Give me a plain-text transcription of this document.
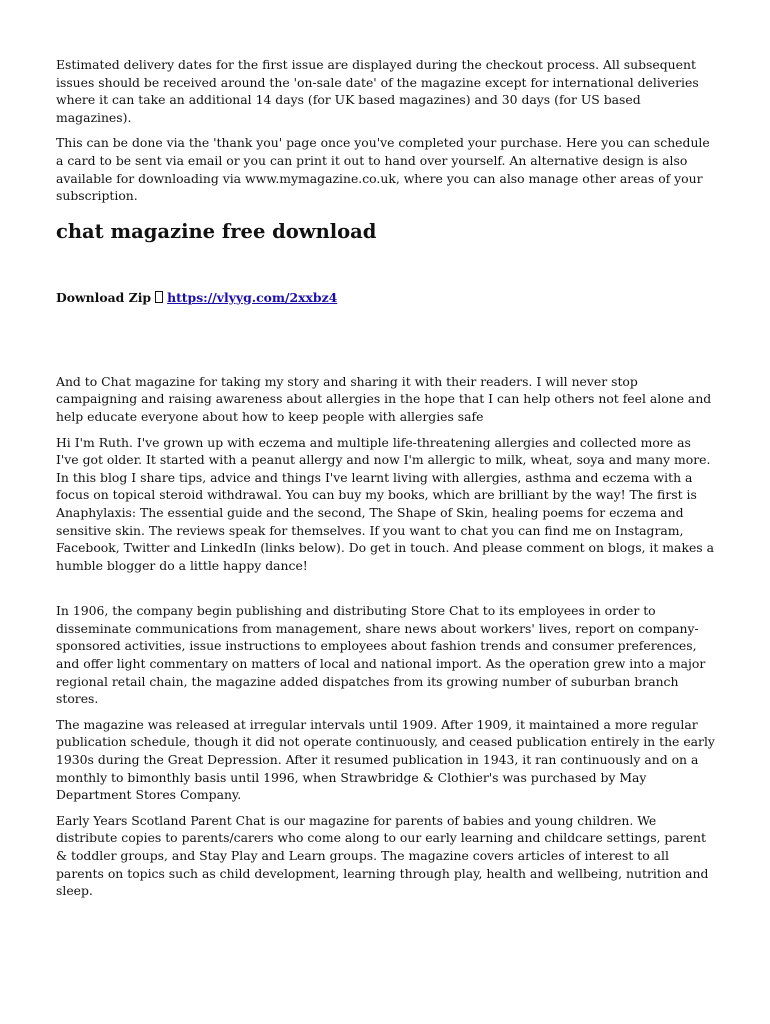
Estimated delivery dates for the first issue are displayed during the checkout process. All subsequent issues should be received around the 'on-sale date' of the magazine except for international deliveries where it can take an additional 14 days (for UK based magazines) and 30 days (for US based magazines).

This can be done via the 'thank you' page once you've completed your purchase. Here you can schedule a card to be sent via email or you can print it out to hand over yourself. An alternative design is also available for downloading via www.mymagazine.co.uk, where you can also manage other areas of your subscription.

chat magazine free download
Download Zip https://vlyyg.com/2xxbz4

And to Chat magazine for taking my story and sharing it with their readers. I will never stop campaigning and raising awareness about allergies in the hope that I can help others not feel alone and help educate everyone about how to keep people with allergies safe

Hi I'm Ruth. I've grown up with eczema and multiple life-threatening allergies and collected more as I've got older. It started with a peanut allergy and now I'm allergic to milk, wheat, soya and many more. In this blog I share tips, advice and things I've learnt living with allergies, asthma and eczema with a focus on topical steroid withdrawal. You can buy my books, which are brilliant by the way! The first is Anaphylaxis: The essential guide and the second, The Shape of Skin, healing poems for eczema and sensitive skin. The reviews speak for themselves. If you want to chat you can find me on Instagram, Facebook, Twitter and LinkedIn (links below). Do get in touch. And please comment on blogs, it makes a humble blogger do a little happy dance!

In 1906, the company begin publishing and distributing Store Chat to its employees in order to disseminate communications from management, share news about workers' lives, report on company-sponsored activities, issue instructions to employees about fashion trends and consumer preferences, and offer light commentary on matters of local and national import. As the operation grew into a major regional retail chain, the magazine added dispatches from its growing number of suburban branch stores.

The magazine was released at irregular intervals until 1909. After 1909, it maintained a more regular publication schedule, though it did not operate continuously, and ceased publication entirely in the early 1930s during the Great Depression. After it resumed publication in 1943, it ran continuously and on a monthly to bimonthly basis until 1996, when Strawbridge & Clothier's was purchased by May Department Stores Company.

Early Years Scotland Parent Chat is our magazine for parents of babies and young children. We distribute copies to parents/carers who come along to our early learning and childcare settings, parent & toddler groups, and Stay Play and Learn groups. The magazine covers articles of interest to all parents on topics such as child development, learning through play, health and wellbeing, nutrition and sleep.
